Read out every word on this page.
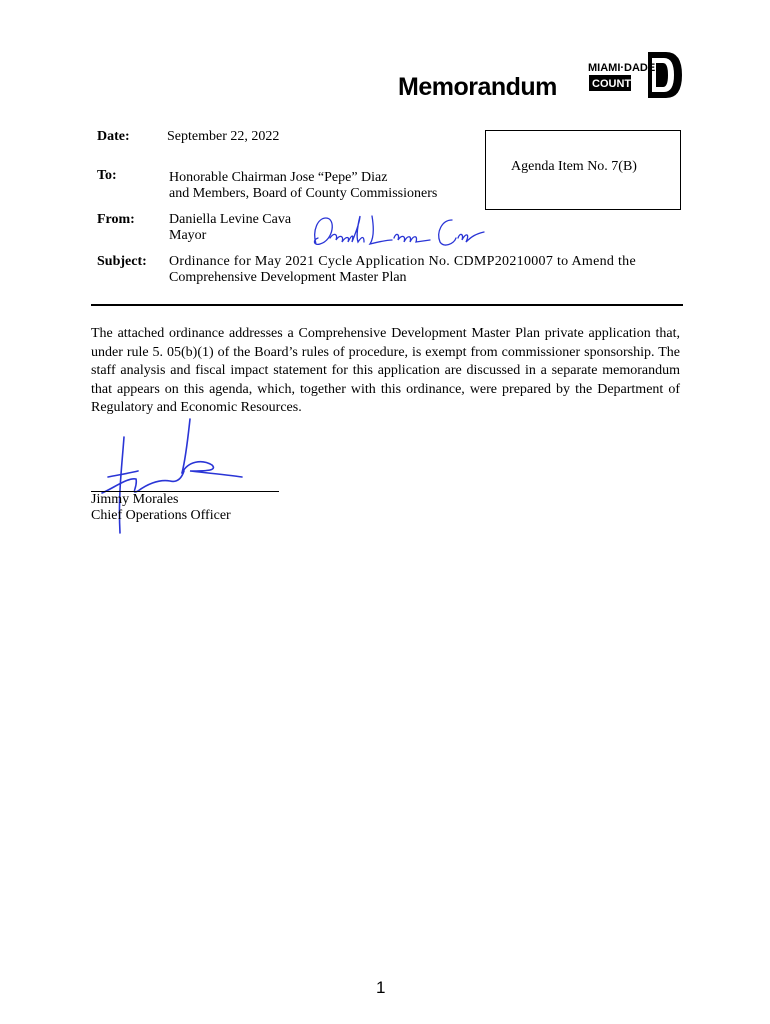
Memorandum
MIAMI·DADE
COUNTY
Date:	September 22, 2022
To:	Honorable Chairman Jose “Pepe” Diaz
and Members, Board of County Commissioners
Agenda Item No. 7(B)
From: Daniella Levine Cava
Mayor
Subject: Ordinance for May 2021 Cycle Application No. CDMP20210007 to Amend the
Comprehensive Development Master Plan
The attached ordinance addresses a Comprehensive Development Master Plan private application that, under rule 5. 05(b)(1) of the Board’s rules of procedure, is exempt from commissioner sponsorship. The staff analysis and fiscal impact statement for this application are discussed in a separate memorandum that appears on this agenda, which, together with this ordinance, were prepared by the Department of Regulatory and Economic Resources.
Jimmy Morales
Chief Operations Officer
1
